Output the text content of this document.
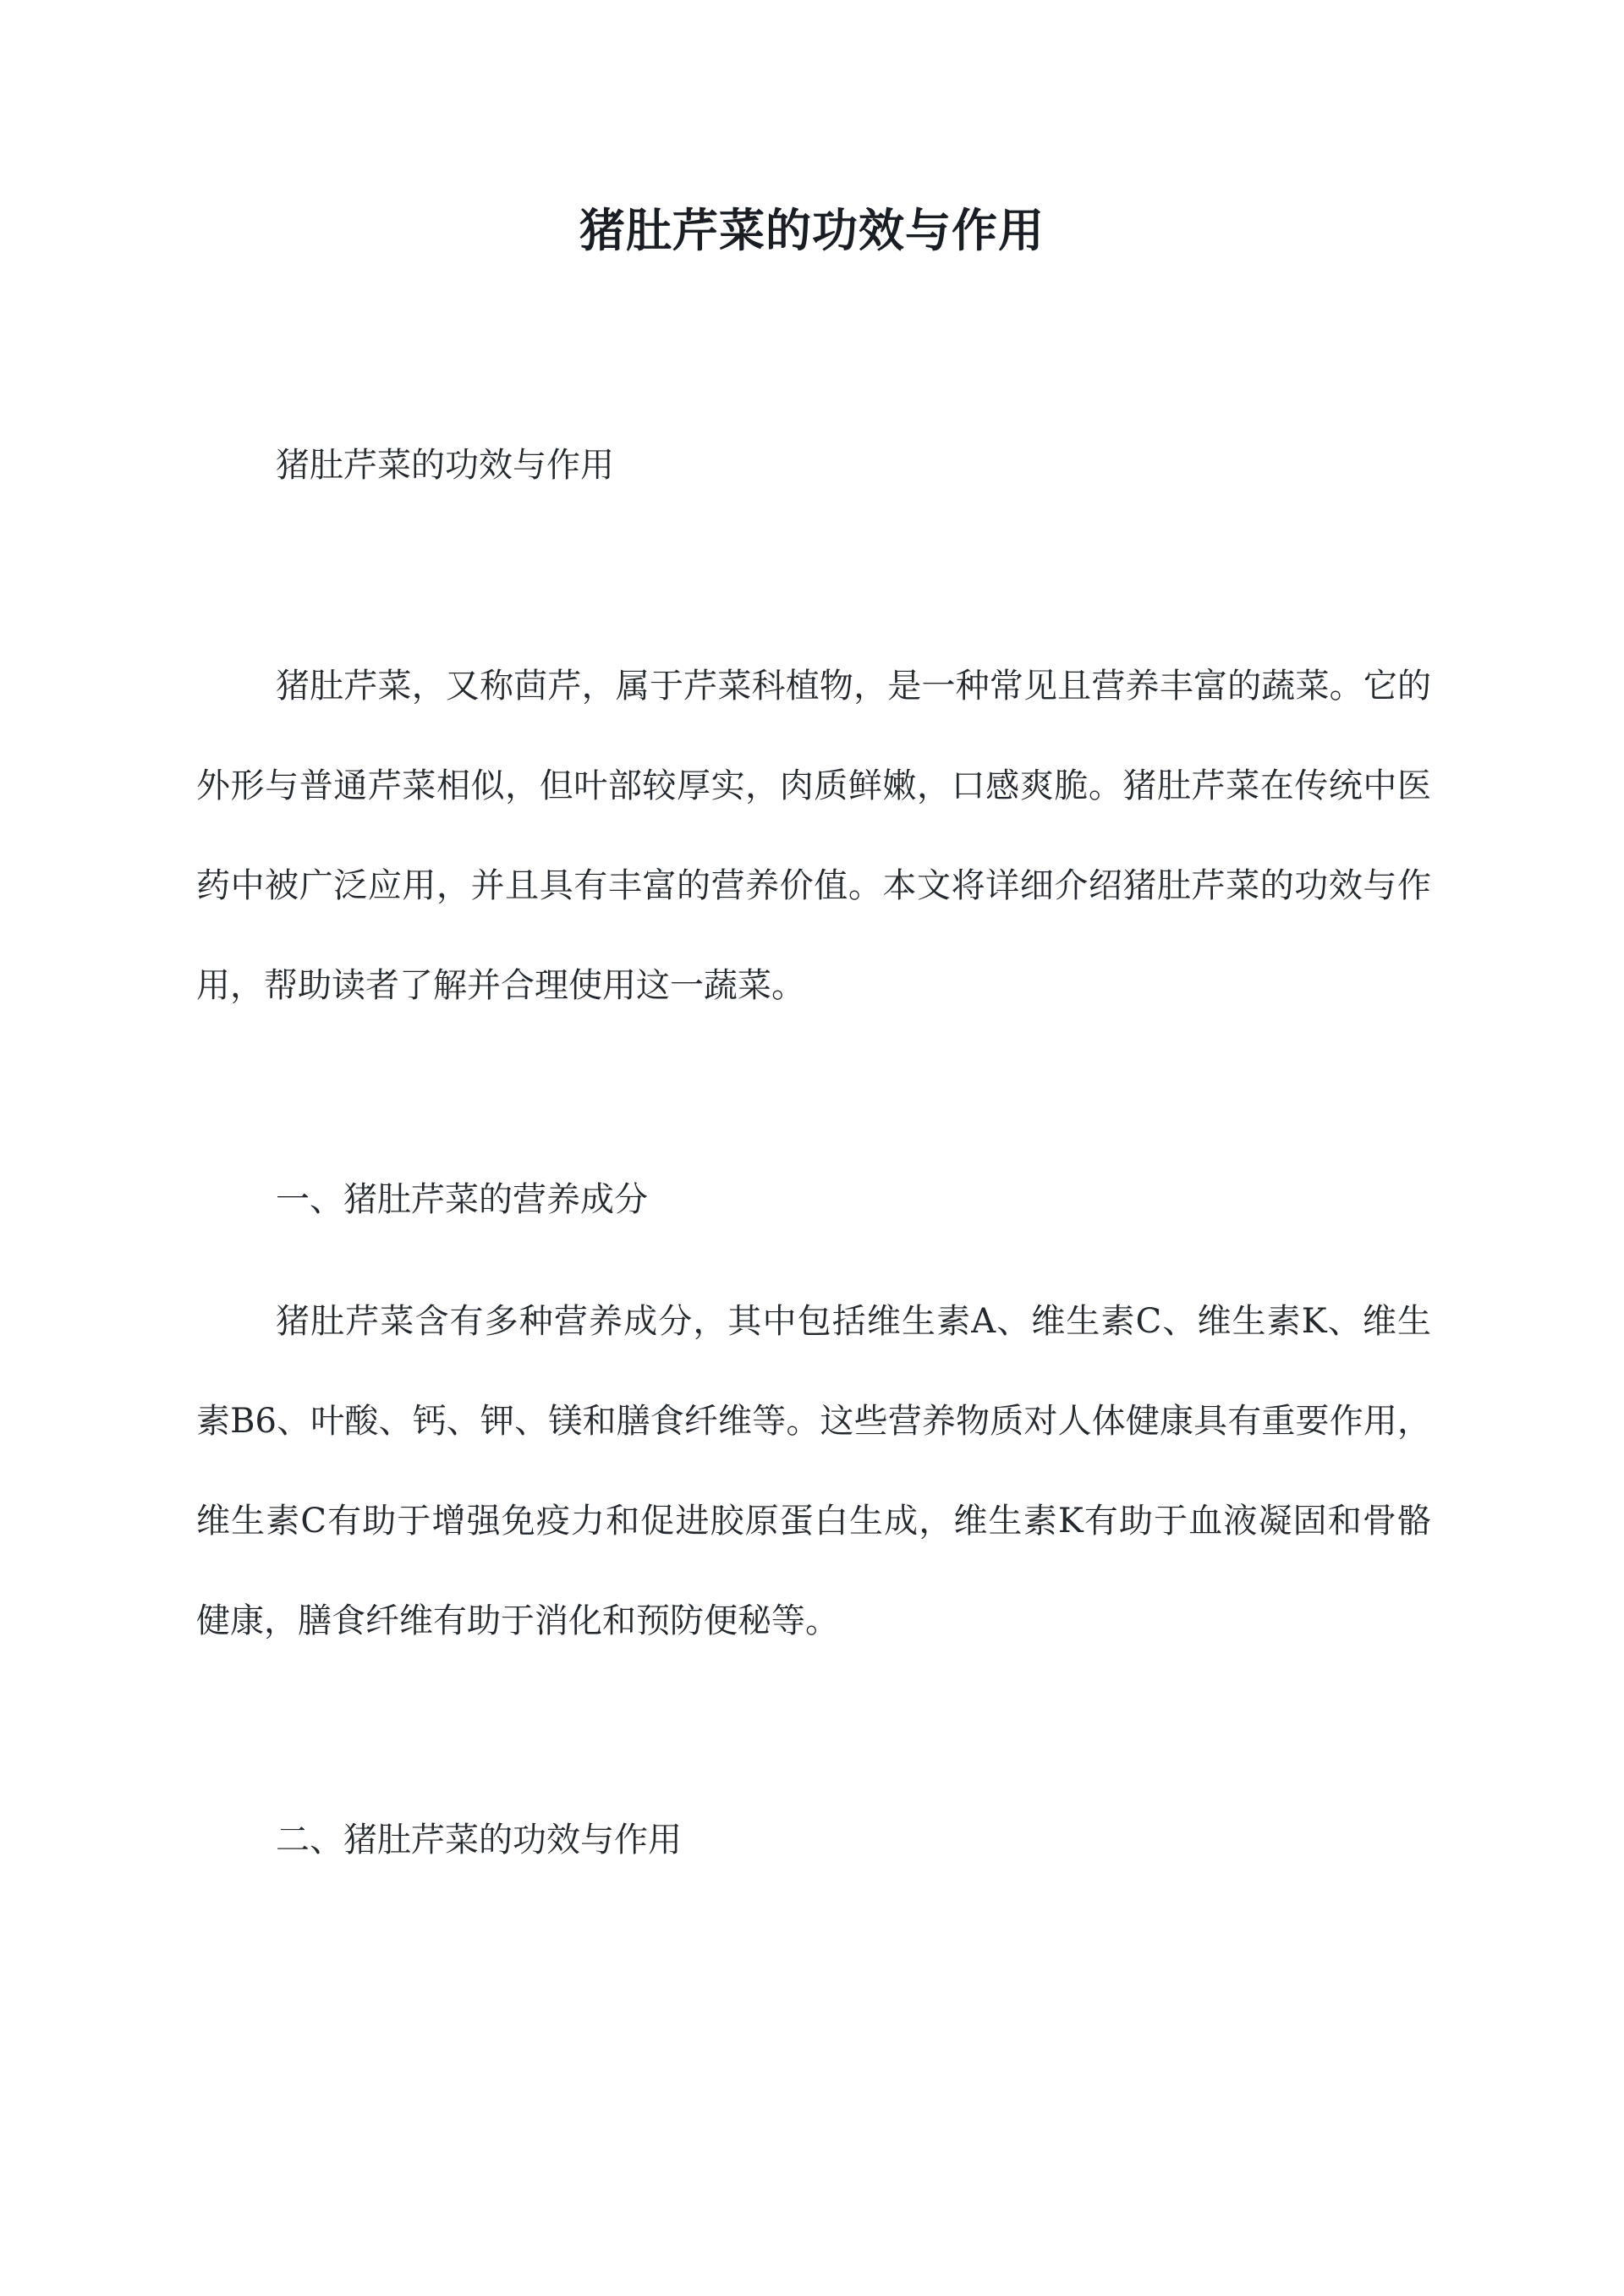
猪肚芹菜的功效与作用

猪肚芹菜的功效与作用

猪肚芹菜，又称茴芹，属于芹菜科植物，是一种常见且营养丰富的蔬菜。它的外形与普通芹菜相似，但叶部较厚实，肉质鲜嫩，口感爽脆。猪肚芹菜在传统中医药中被广泛应用，并且具有丰富的营养价值。本文将详细介绍猪肚芹菜的功效与作用，帮助读者了解并合理使用这一蔬菜。

一、猪肚芹菜的营养成分

猪肚芹菜含有多种营养成分，其中包括维生素A、维生素C、维生素K、维生素B6、叶酸、钙、钾、镁和膳食纤维等。这些营养物质对人体健康具有重要作用，维生素C有助于增强免疫力和促进胶原蛋白生成，维生素K有助于血液凝固和骨骼健康，膳食纤维有助于消化和预防便秘等。

二、猪肚芹菜的功效与作用
